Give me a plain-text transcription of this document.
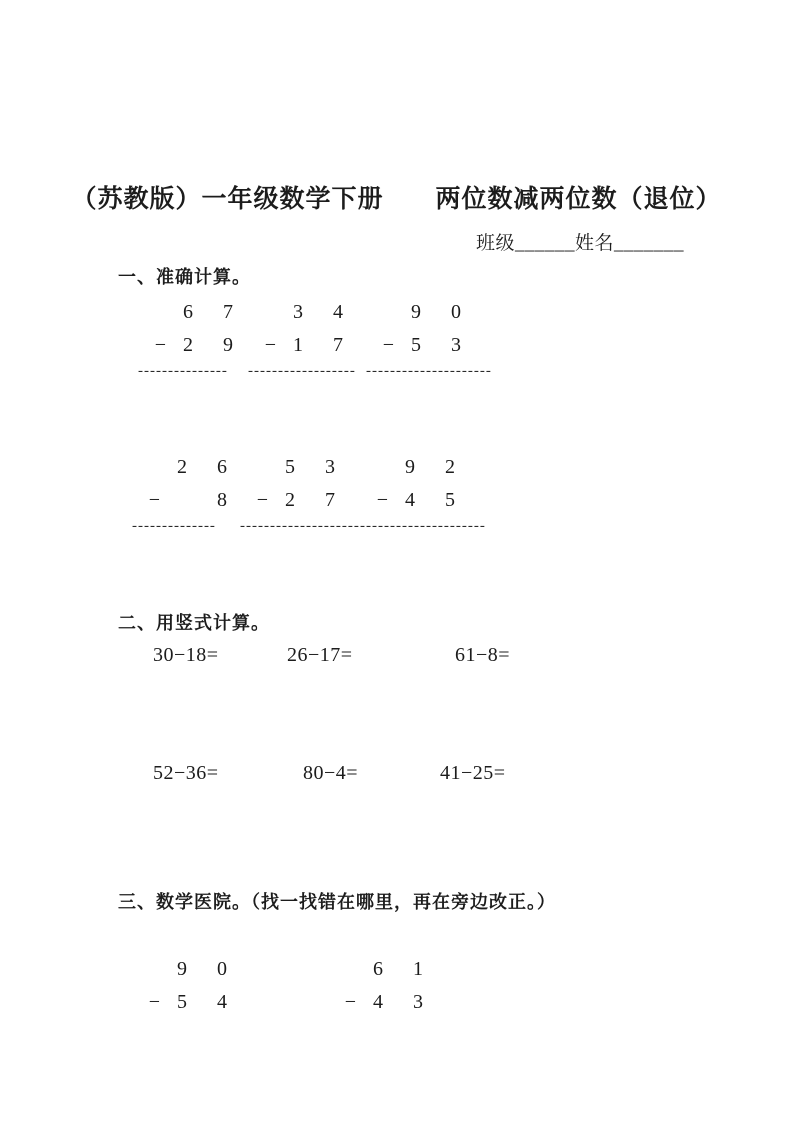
（苏教版）一年级数学下册　　两位数减两位数（退位）
班级______姓名_______
一、准确计算。
6	7
− 2	9
---------------
3	4
− 1	7
------------------
9	0
− 5	3
---------------------
2	6
−	8
--------------
5	3
− 2	7
--------------------
9	2
− 4	5
---------------------
二、用竖式计算。
30−18=	26−17=	61−8=
52−36=	80−4=	41−25=
三、数学医院。（找一找错在哪里，再在旁边改正。）
9	0
− 5	4
6	1
− 4	3
